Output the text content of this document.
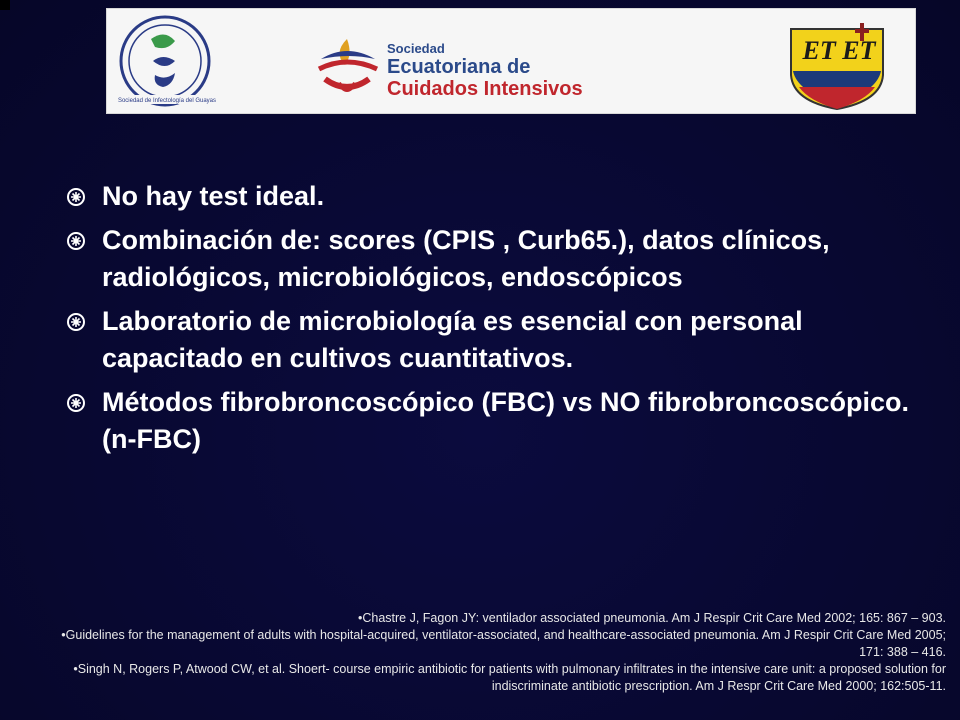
Sociedad de Infectología del Guayas
Sociedad
Ecuatoriana de
Cuidados Intensivos
ET ET
No hay test ideal.
Combinación de: scores (CPIS , Curb65.), datos clínicos, radiológicos, microbiológicos, endoscópicos
Laboratorio de microbiología es esencial con personal capacitado en cultivos cuantitativos.
Métodos fibrobroncoscópico (FBC) vs NO fibrobroncoscópico. (n-FBC)

•Chastre J, Fagon JY: ventilador associated pneumonia. Am J Respir Crit Care Med 2002; 165: 867 – 903.

•Guidelines for the management of adults with hospital-acquired, ventilator-associated, and healthcare-associated pneumonia. Am J Respir Crit Care Med 2005; 171: 388 – 416.

•Singh N, Rogers P, Atwood CW, et al. Shoert- course empiric antibiotic for patients with pulmonary infiltrates in the intensive care unit: a proposed solution for indiscriminate antibiotic prescription. Am J Respr Crit Care Med 2000; 162:505-11.
